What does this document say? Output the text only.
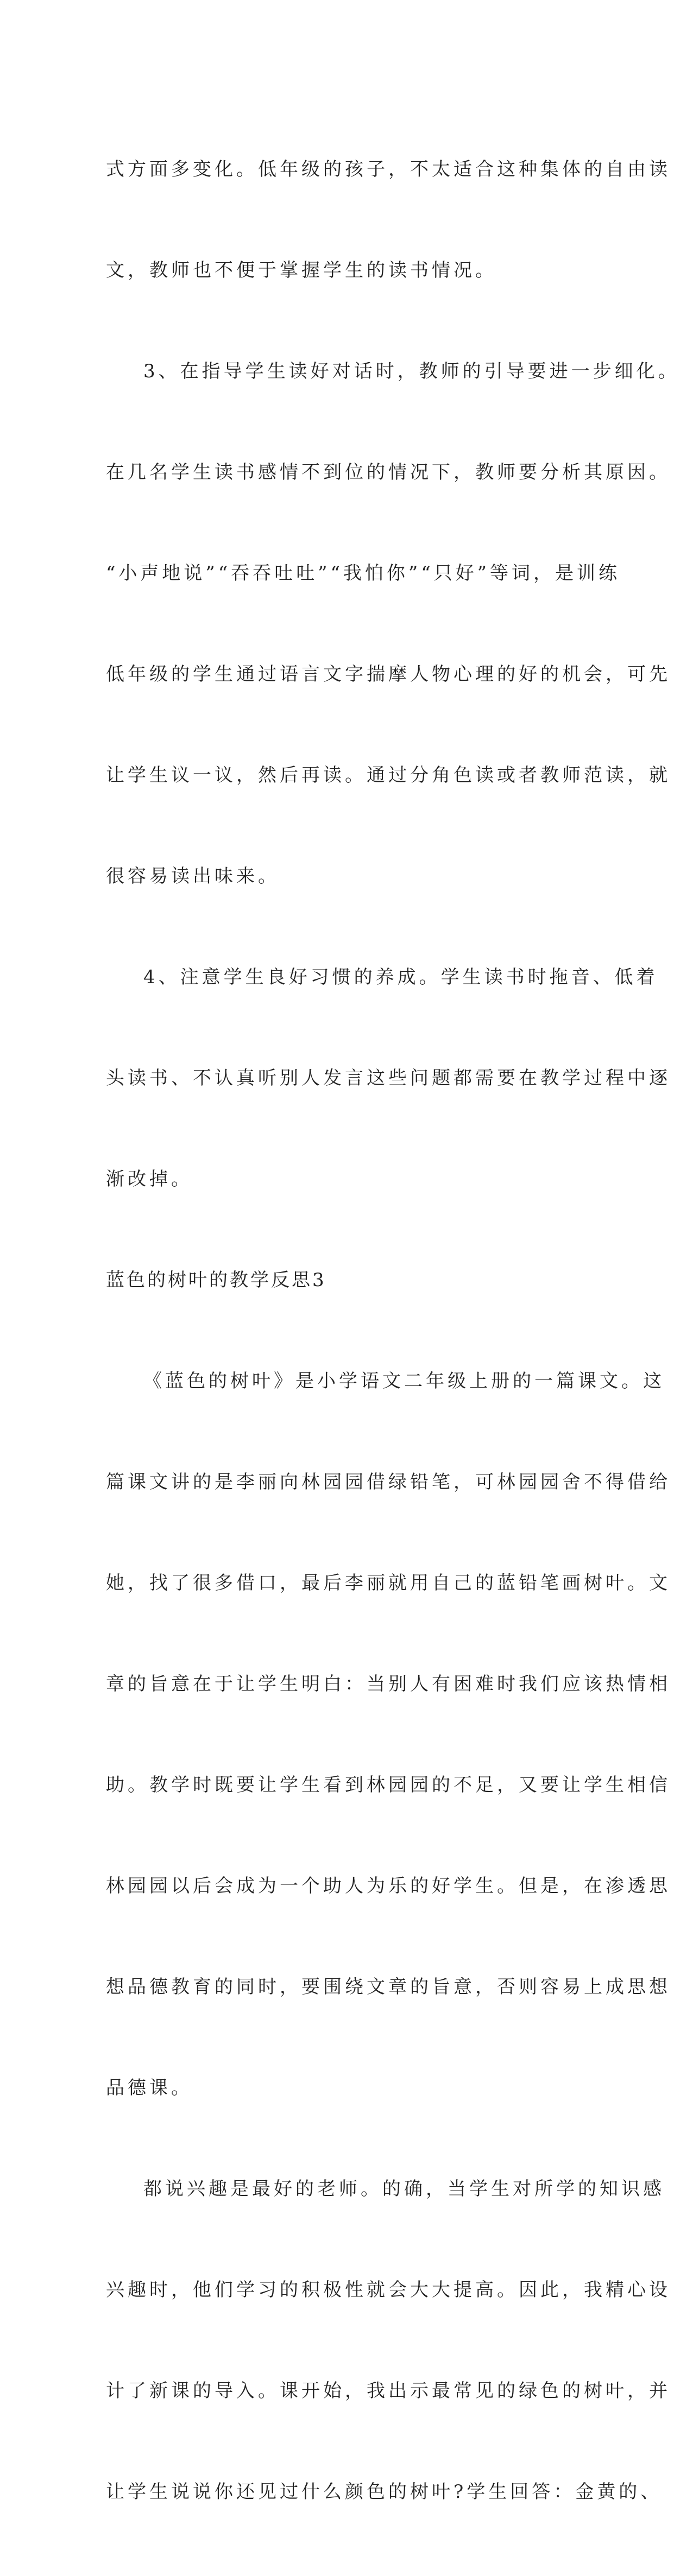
式方面多变化。低年级的孩子，不太适合这种集体的自由读

文，教师也不便于掌握学生的读书情况。

3、在指导学生读好对话时，教师的引导要进一步细化。

在几名学生读书感情不到位的情况下，教师要分析其原因。

“小声地说”“吞吞吐吐”“我怕你”“只好”等词，是训练

低年级的学生通过语言文字揣摩人物心理的好的机会，可先

让学生议一议，然后再读。通过分角色读或者教师范读，就

很容易读出味来。

4、注意学生良好习惯的养成。学生读书时拖音、低着

头读书、不认真听别人发言这些问题都需要在教学过程中逐

渐改掉。

蓝色的树叶的教学反思3

《蓝色的树叶》是小学语文二年级上册的一篇课文。这

篇课文讲的是李丽向林园园借绿铅笔，可林园园舍不得借给

她，找了很多借口，最后李丽就用自己的蓝铅笔画树叶。文

章的旨意在于让学生明白：当别人有困难时我们应该热情相

助。教学时既要让学生看到林园园的不足，又要让学生相信

林园园以后会成为一个助人为乐的好学生。但是，在渗透思

想品德教育的同时，要围绕文章的旨意，否则容易上成思想

品德课。

都说兴趣是最好的老师。的确，当学生对所学的知识感

兴趣时，他们学习的积极性就会大大提高。因此，我精心设

计了新课的导入。课开始，我出示最常见的绿色的树叶，并

让学生说说你还见过什么颜色的树叶?学生回答：金黄的、
